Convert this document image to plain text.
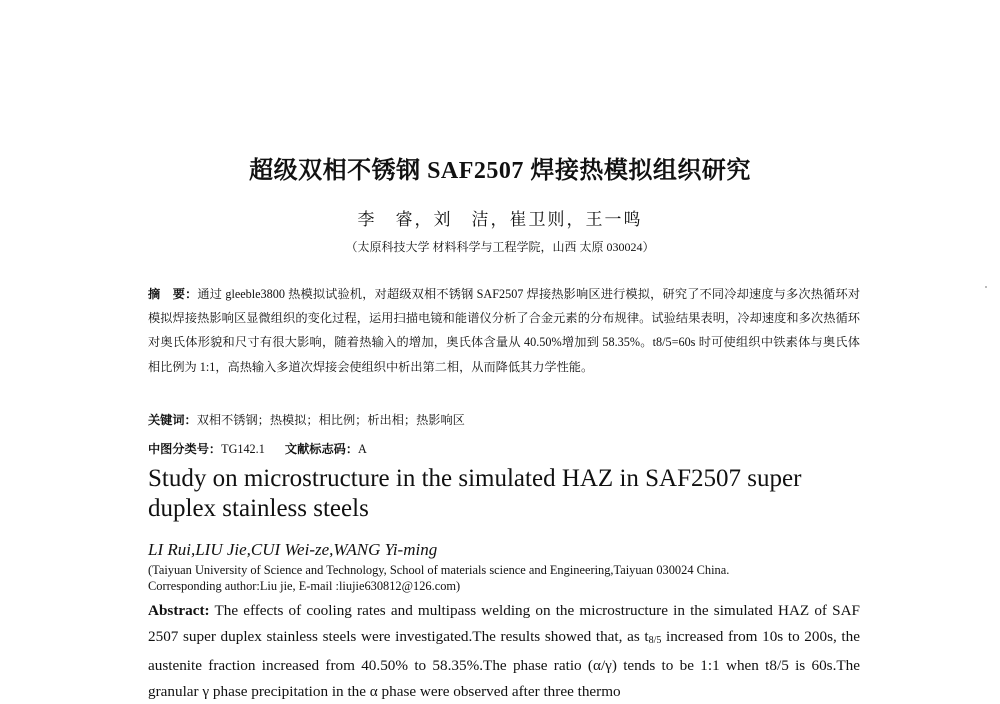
超级双相不锈钢 SAF2507 焊接热模拟组织研究
李　睿，刘　洁，崔卫则，王一鸣
（太原科技大学 材料科学与工程学院，山西 太原 030024）
摘　要：通过 gleeble3800 热模拟试验机，对超级双相不锈钢 SAF2507 焊接热影响区进行模拟，研究了不同冷却速度与多次热循环对模拟焊接热影响区显微组织的变化过程，运用扫描电镜和能谱仪分析了合金元素的分布规律。试验结果表明，冷却速度和多次热循环对奥氏体形貌和尺寸有很大影响，随着热输入的增加，奥氏体含量从 40.50%增加到 58.35%。t8/5=60s 时可使组织中铁素体与奥氏体相比例为 1:1，高热输入多道次焊接会使组织中析出第二相，从而降低其力学性能。
关键词：双相不锈钢；热模拟；相比例；析出相；热影响区
中图分类号：TG142.1 文献标志码：A
Study on microstructure in the simulated HAZ in SAF2507 super duplex stainless steels
LI Rui,LIU Jie,CUI Wei-ze,WANG Yi-ming
(Taiyuan University of Science and Technology, School of materials science and Engineering,Taiyuan 030024 China.
Corresponding author:Liu jie, E-mail :liujie630812@126.com)
Abstract: The effects of cooling rates and multipass welding on the microstructure in the simulated HAZ of SAF 2507 super duplex stainless steels were investigated.The results showed that, as $t_{8/5}$ increased from 10s to 200s, the austenite fraction increased from 40.50% to 58.35%.The phase ratio (α/γ) tends to be 1:1 when t8/5 is 60s.The granular γ phase precipitation in the α phase were observed after three thermo
